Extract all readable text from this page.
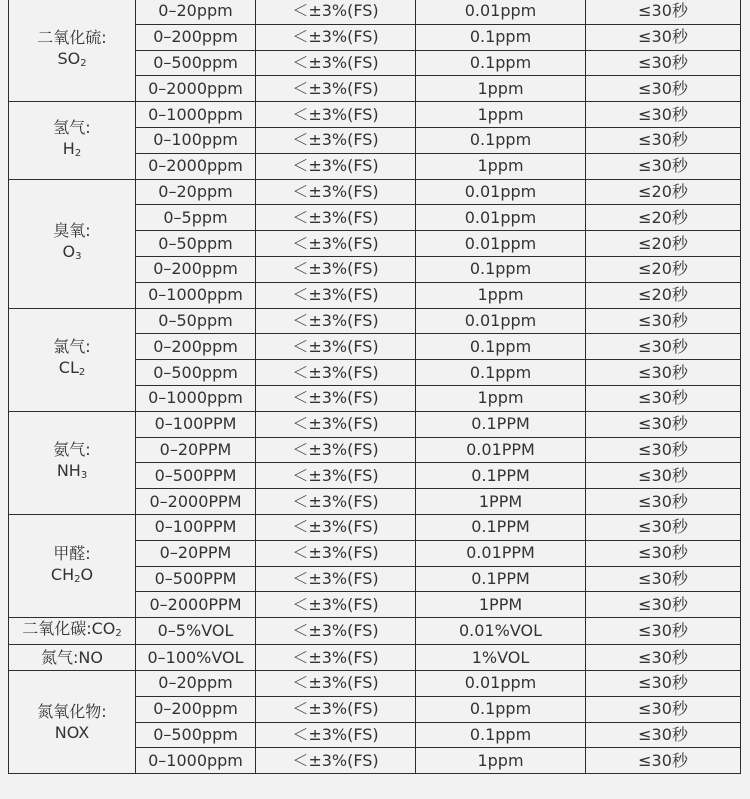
二氧化硫:
$SO_2$	0–20ppm	＜±3%(FS)	0.01ppm	≤30秒
	0–200ppm	＜±3%(FS)	0.1ppm	≤30秒
	0–500ppm	＜±3%(FS)	0.1ppm	≤30秒
	0–2000ppm	＜±3%(FS)	1ppm	≤30秒
氢气:
$H_2$	0–1000ppm	＜±3%(FS)	1ppm	≤30秒
	0–100ppm	＜±3%(FS)	0.1ppm	≤30秒
	0–2000ppm	＜±3%(FS)	1ppm	≤30秒
臭氧:
$O_3$	0–20ppm	＜±3%(FS)	0.01ppm	≤20秒
	0–5ppm	＜±3%(FS)	0.01ppm	≤20秒
	0–50ppm	＜±3%(FS)	0.01ppm	≤20秒
	0–200ppm	＜±3%(FS)	0.1ppm	≤20秒
	0–1000ppm	＜±3%(FS)	1ppm	≤20秒
氯气:
$CL_2$	0–50ppm	＜±3%(FS)	0.01ppm	≤30秒
	0–200ppm	＜±3%(FS)	0.1ppm	≤30秒
	0–500ppm	＜±3%(FS)	0.1ppm	≤30秒
	0–1000ppm	＜±3%(FS)	1ppm	≤30秒
氨气:
$NH_3$	0–100PPM	＜±3%(FS)	0.1PPM	≤30秒
	0–20PPM	＜±3%(FS)	0.01PPM	≤30秒
	0–500PPM	＜±3%(FS)	0.1PPM	≤30秒
	0–2000PPM	＜±3%(FS)	1PPM	≤30秒
甲醛:
$CH_2O$	0–100PPM	＜±3%(FS)	0.1PPM	≤30秒
	0–20PPM	＜±3%(FS)	0.01PPM	≤30秒
	0–500PPM	＜±3%(FS)	0.1PPM	≤30秒
	0–2000PPM	＜±3%(FS)	1PPM	≤30秒
二氧化碳$:CO_2$	0–5%VOL	＜±3%(FS)	0.01%VOL	≤30秒
氮气:NO	0–100%VOL	＜±3%(FS)	1%VOL	≤30秒
氮氧化物:
NOX	0–20ppm	＜±3%(FS)	0.01ppm	≤30秒
	0–200ppm	＜±3%(FS)	0.1ppm	≤30秒
	0–500ppm	＜±3%(FS)	0.1ppm	≤30秒
	0–1000ppm	＜±3%(FS)	1ppm	≤30秒
